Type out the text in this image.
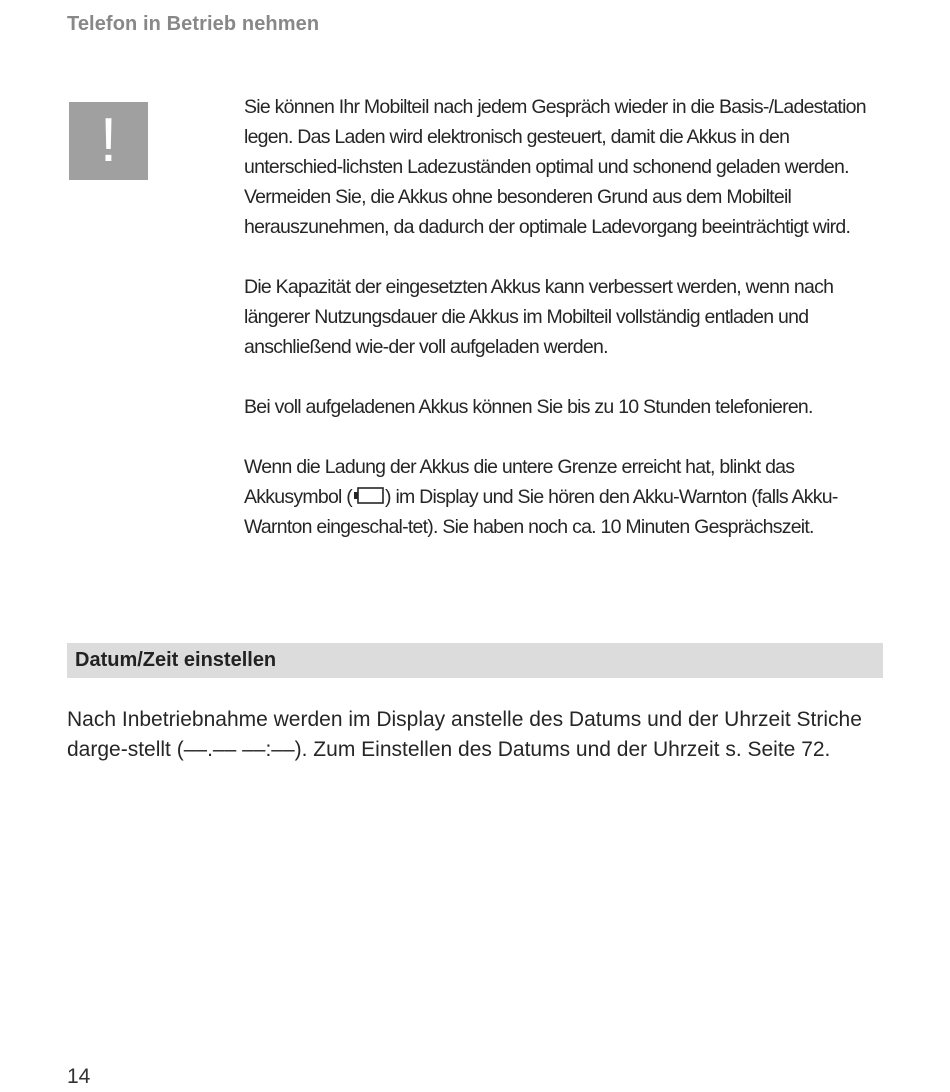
Telefon in Betrieb nehmen
!	Sie können Ihr Mobilteil nach jedem Gespräch wieder in die Basis-/Ladestation legen. Das Laden wird elektronisch gesteuert, damit die Akkus in den unterschied-lichsten Ladezuständen optimal und schonend geladen werden. Vermeiden Sie, die Akkus ohne besonderen Grund aus dem Mobilteil herauszunehmen, da dadurch der optimale Ladevorgang beeinträchtigt wird.

Die Kapazität der eingesetzten Akkus kann verbessert werden, wenn nach längerer Nutzungsdauer die Akkus im Mobilteil vollständig entladen und anschließend wie-der voll aufgeladen werden.

Bei voll aufgeladenen Akkus können Sie bis zu 10 Stunden telefonieren.

Wenn die Ladung der Akkus die untere Grenze erreicht hat, blinkt das Akkusymbol ( ) im Display und Sie hören den Akku-Warnton (falls Akku-Warnton eingeschal-tet). Sie haben noch ca. 10 Minuten Gesprächszeit.

Datum/Zeit einstellen

Nach Inbetriebnahme werden im Display anstelle des Datums und der Uhrzeit Striche darge-stellt (––.–– ––:––). Zum Einstellen des Datums und der Uhrzeit s. Seite 72.

14
